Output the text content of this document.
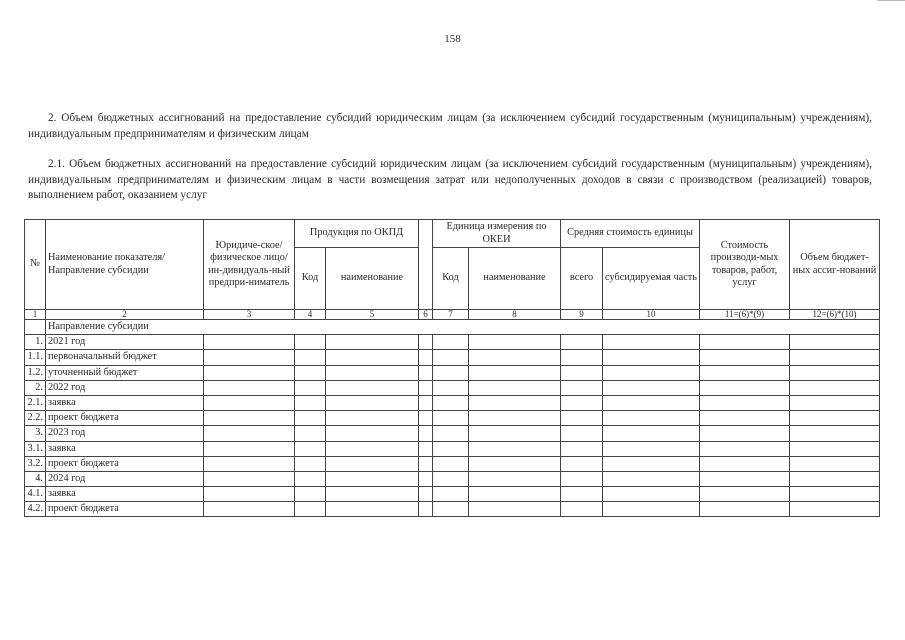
158
2. Объем бюджетных ассигнований на предоставление субсидий юридическим лицам (за исключением субсидий государственным (муниципальным) учреждениям), индивидуальным предпринимателям и физическим лицам
2.1. Объем бюджетных ассигнований на предоставление субсидий юридическим лицам (за исключением субсидий государственным (муниципальным) учреждениям), индивидуальным предпринимателям и физическим лицам в части возмещения затрат или недополученных доходов в связи с производством (реализацией) товаров, выполнением работ, оказанием услуг
№	Наименование показателя/ Направление субсидии	Юридиче-ское/физическое лицо/ ин-дивидуаль-ный предпри-ниматель	Продукция по ОКПД			Единица измерения по ОКЕИ		Средняя стоимость единицы		Стоимость производи-мых товаров, работ, услуг	Объем бюджет-ных ассиг-нований
			Код	наименование		Код	наименование	всего	субсидируемая часть		
1	2	3	4	5	6	7	8	9	10	11=(6)*(9)	12=(6)*(10)
	Направление субсидии										
1.	2021 год										
1.1.	первоначальный бюджет										
1.2.	уточненный бюджет										
2.	2022 год										
2.1.	заявка										
2.2.	проект бюджета										
3.	2023 год										
3.1.	заявка										
3.2.	проект бюджета										
4.	2024 год										
4.1.	заявка										
4.2.	проект бюджета										
